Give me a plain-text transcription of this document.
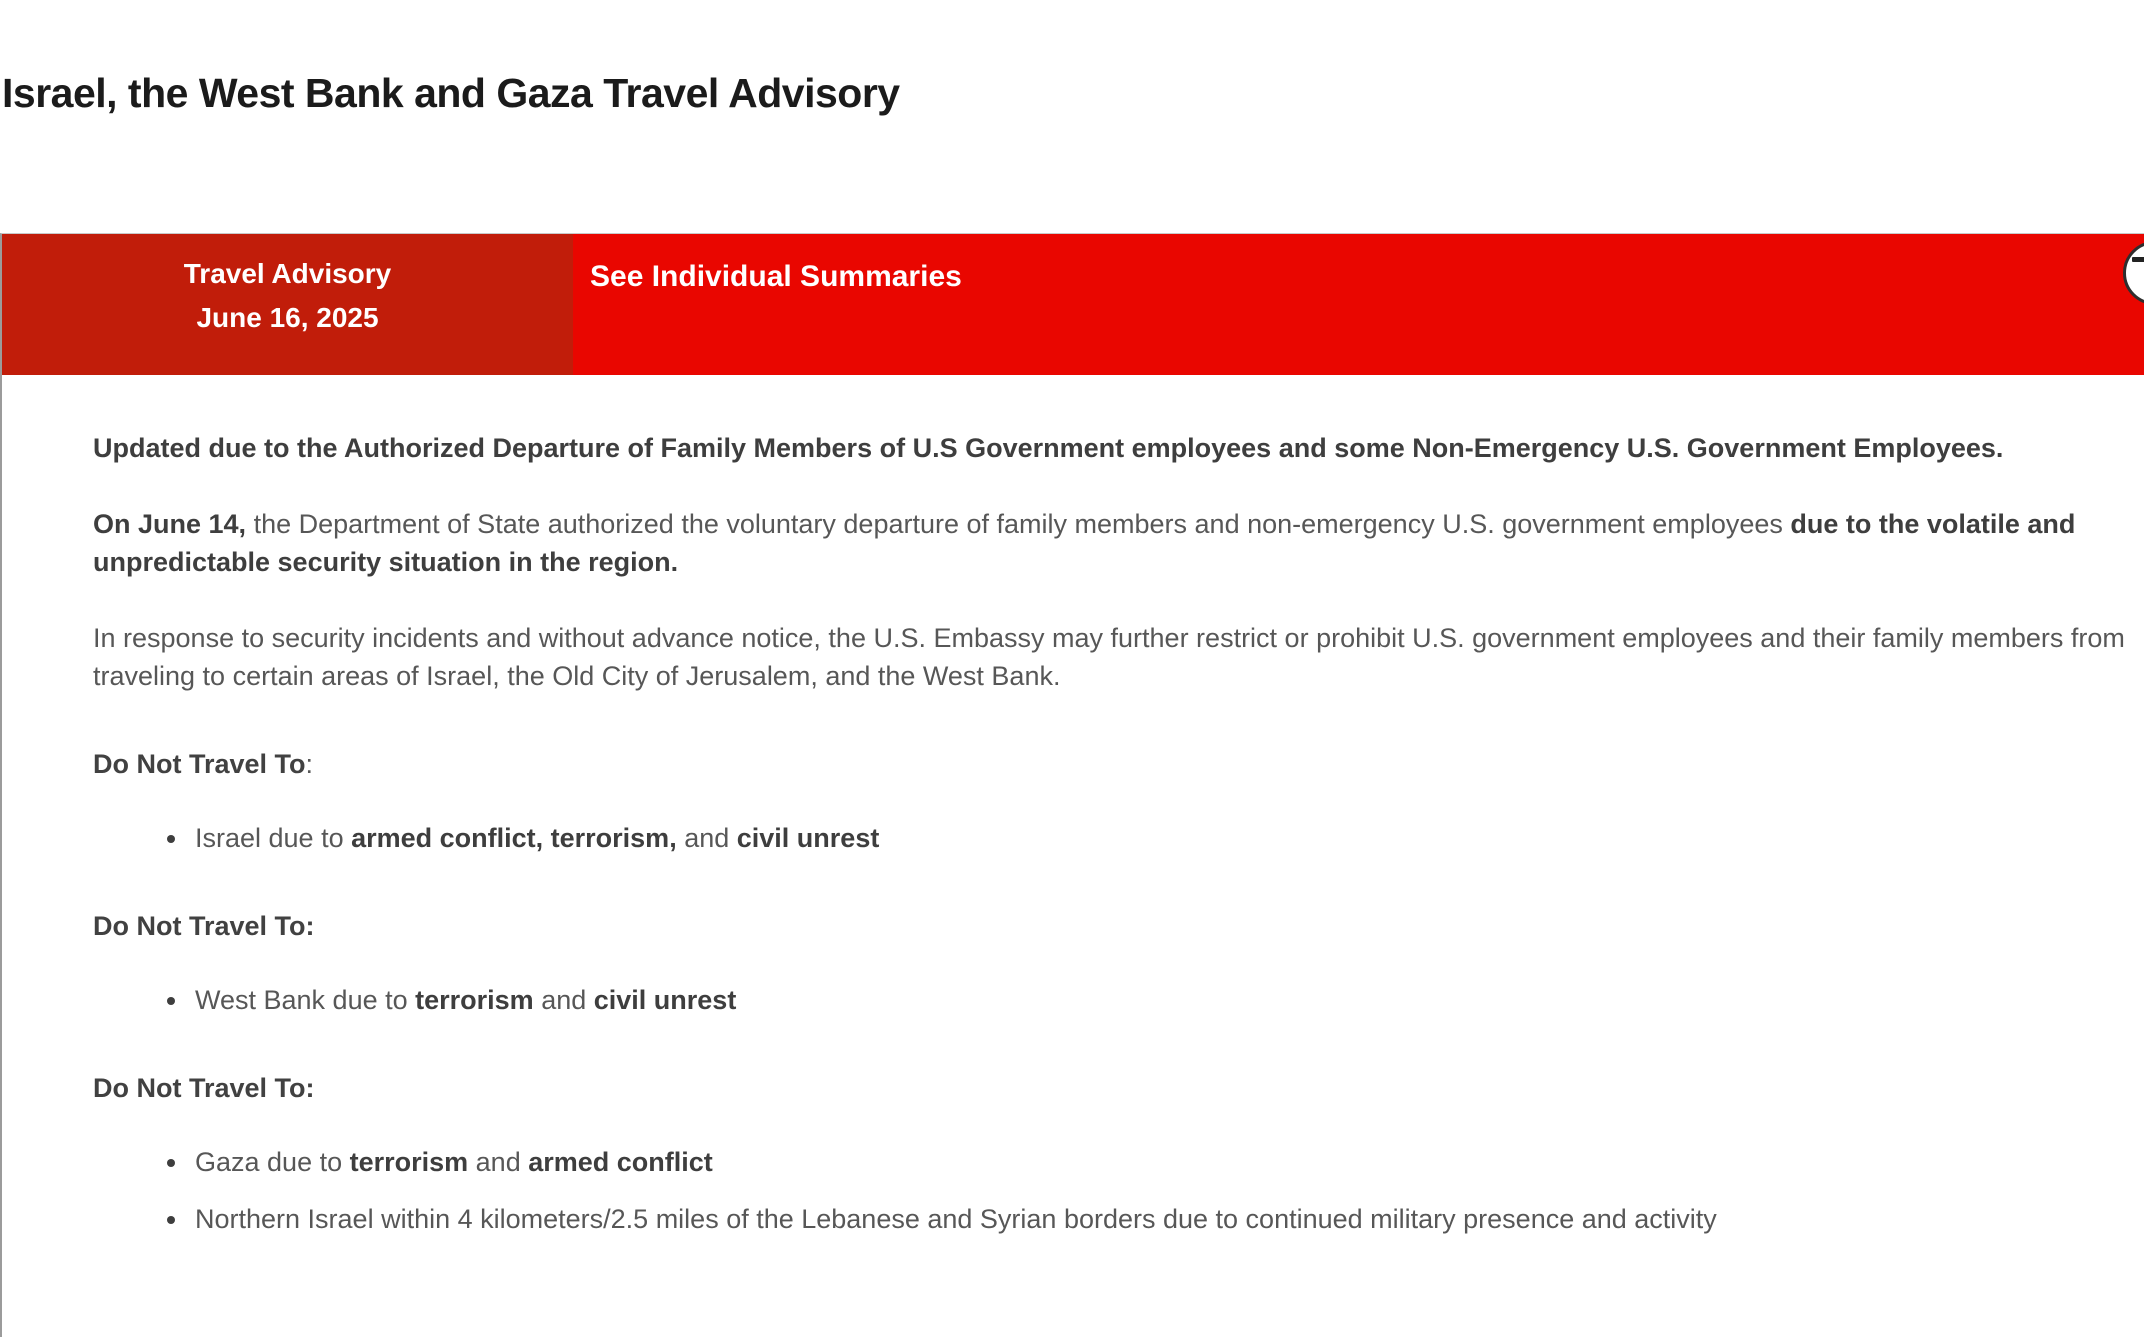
Israel, the West Bank and Gaza Travel Advisory
Travel Advisory
June 16, 2025
See Individual Summaries

Updated due to the Authorized Departure of Family Members of U.S Government employees and some Non-Emergency U.S. Government Employees.

On June 14, the Department of State authorized the voluntary departure of family members and non-emergency U.S. government employees due to the volatile and unpredictable security situation in the region.

In response to security incidents and without advance notice, the U.S. Embassy may further restrict or prohibit U.S. government employees and their family members from traveling to certain areas of Israel, the Old City of Jerusalem, and the West Bank.

Do Not Travel To:
• Israel due to armed conflict, terrorism, and civil unrest
Do Not Travel To:
• West Bank due to terrorism and civil unrest
Do Not Travel To:
• Gaza due to terrorism and armed conflict
• Northern Israel within 4 kilometers/2.5 miles of the Lebanese and Syrian borders due to continued military presence and activity
